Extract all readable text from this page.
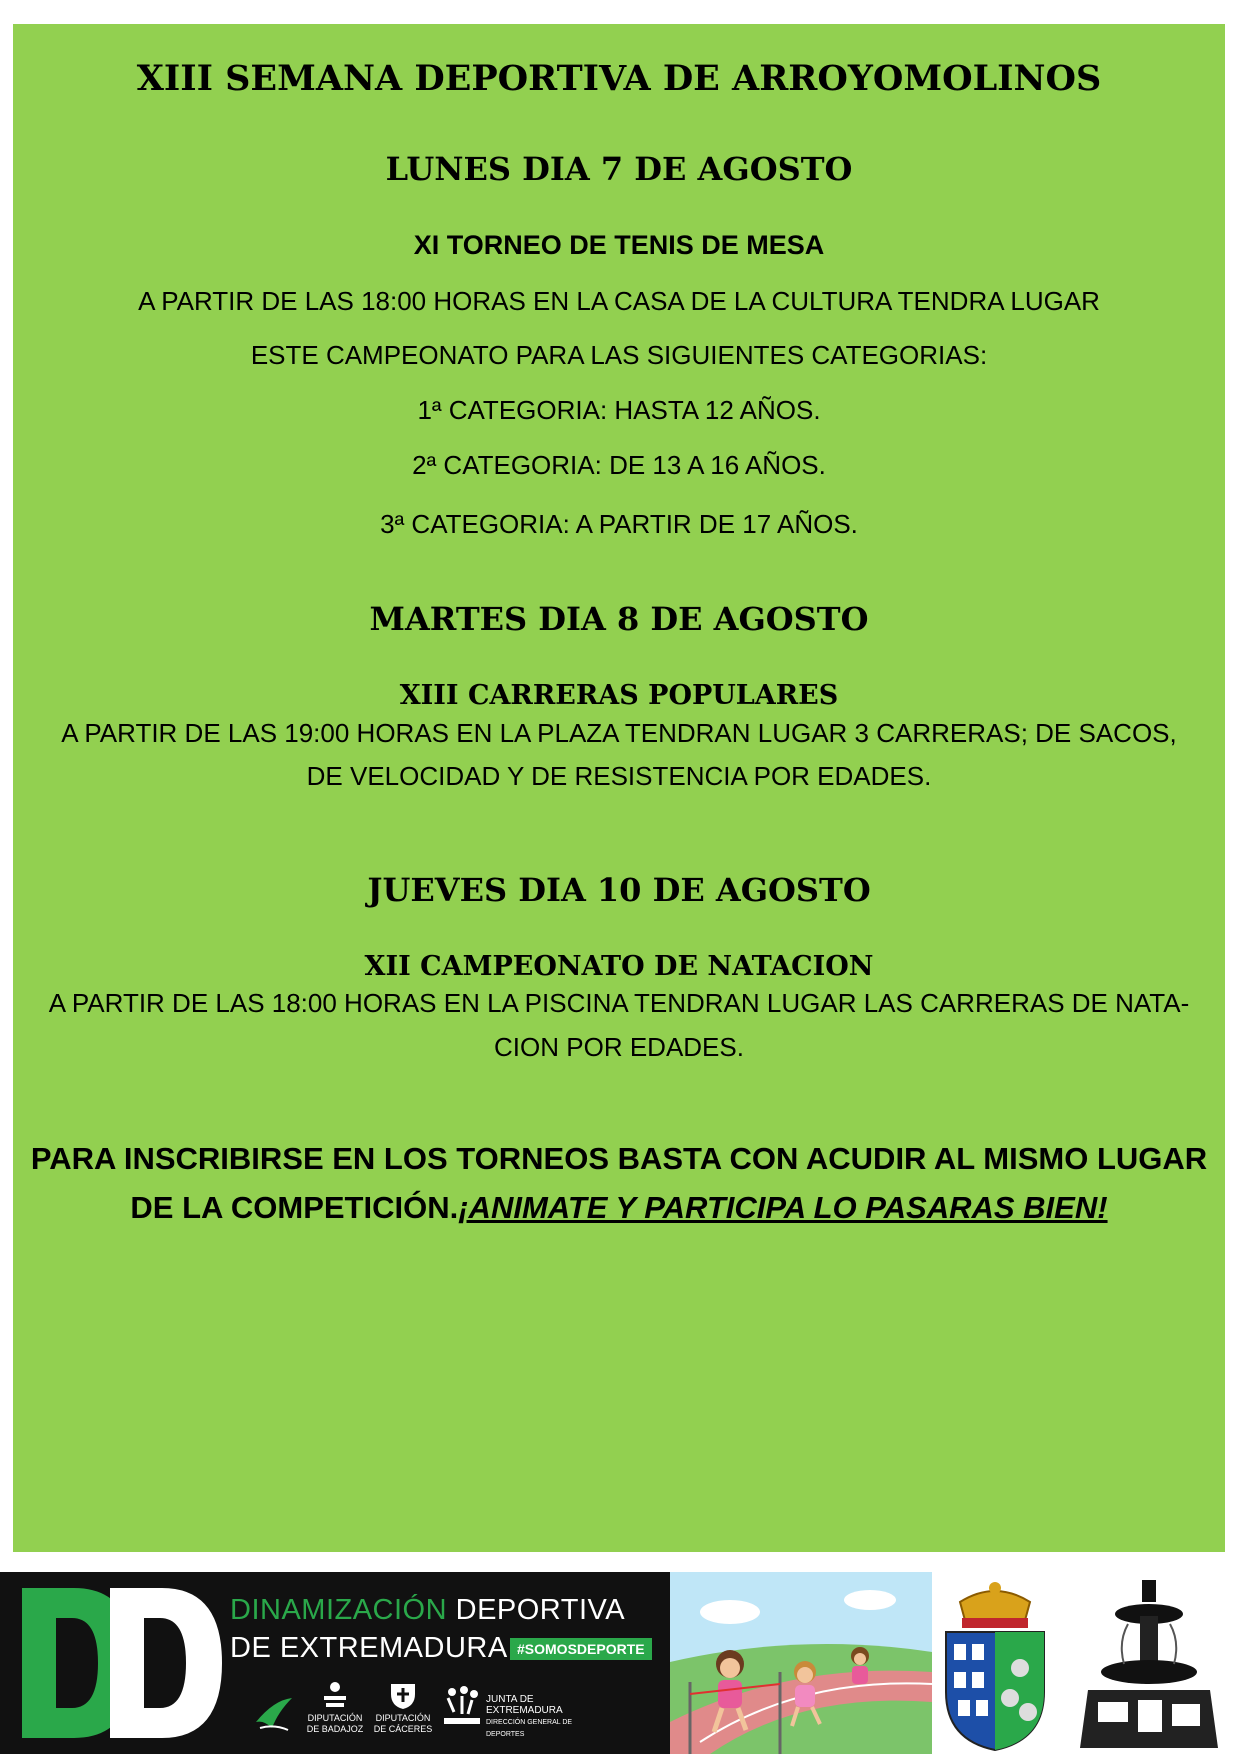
XIII SEMANA DEPORTIVA DE ARROYOMOLINOS
LUNES DIA 7 DE AGOSTO
XI TORNEO DE TENIS DE MESA
A PARTIR DE LAS 18:00 HORAS EN LA CASA DE LA CULTURA TENDRA LUGAR
ESTE CAMPEONATO PARA LAS SIGUIENTES CATEGORIAS:
1ª CATEGORIA: HASTA 12 AÑOS.
2ª CATEGORIA: DE 13 A 16 AÑOS.
3ª CATEGORIA: A PARTIR DE 17 AÑOS.
MARTES DIA 8 DE AGOSTO
XIII CARRERAS POPULARES
A PARTIR DE LAS 19:00 HORAS EN LA PLAZA TENDRAN LUGAR 3 CARRERAS; DE SACOS,
DE VELOCIDAD Y DE RESISTENCIA POR EDADES.
JUEVES DIA 10 DE AGOSTO
XII CAMPEONATO DE NATACION
A PARTIR DE LAS 18:00 HORAS EN LA PISCINA TENDRAN LUGAR LAS CARRERAS DE NATA-
CION POR EDADES.
PARA INSCRIBIRSE EN LOS TORNEOS BASTA CON ACUDIR AL MISMO LUGAR
DE LA COMPETICIÓN.¡ANIMATE Y PARTICIPA LO PASARAS BIEN!
DINAMIZACIÓN DEPORTIVA
DE EXTREMADURA #SOMOSDEPORTE
DIPUTACIÓN
DE BADAJOZ
DIPUTACIÓN
DE CÁCERES
JUNTA DE EXTREMADURA
DIRECCIÓN GENERAL DE DEPORTES
